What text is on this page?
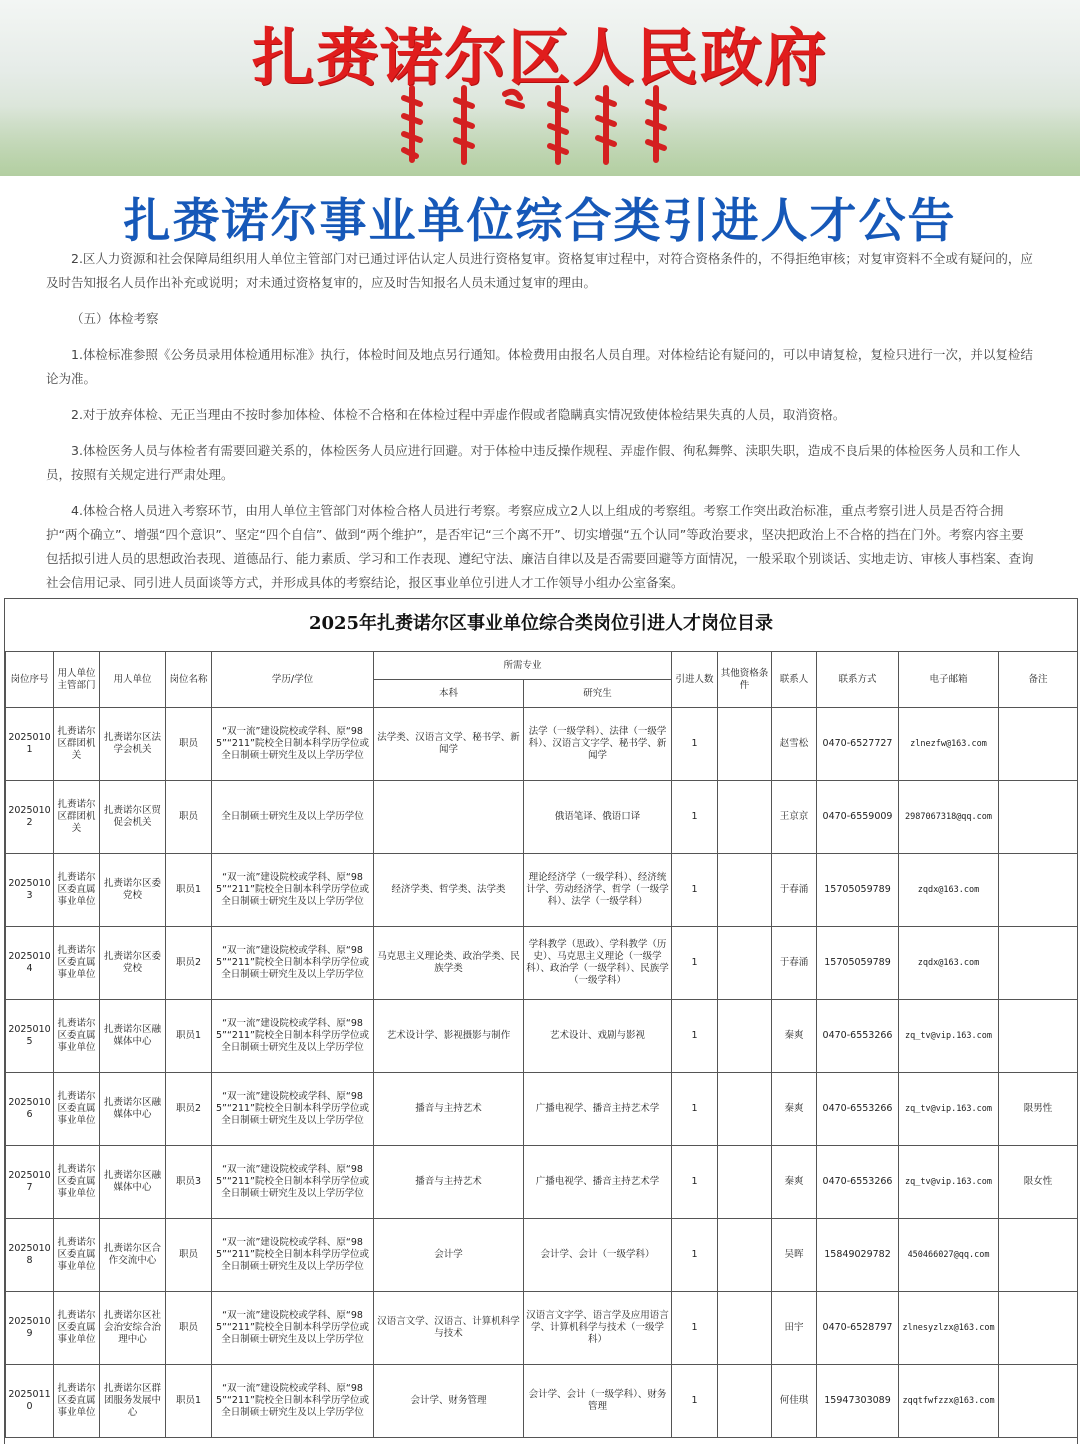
扎赉诺尔区人民政府
扎赉诺尔事业单位综合类引进人才公告

2.区人力资源和社会保障局组织用人单位主管部门对已通过评估认定人员进行资格复审。资格复审过程中，对符合资格条件的，不得拒绝审核；对复审资料不全或有疑问的，应及时告知报名人员作出补充或说明；对未通过资格复审的，应及时告知报名人员未通过复审的理由。

（五）体检考察

1.体检标准参照《公务员录用体检通用标准》执行，体检时间及地点另行通知。体检费用由报名人员自理。对体检结论有疑问的，可以申请复检，复检只进行一次，并以复检结论为准。

2.对于放弃体检、无正当理由不按时参加体检、体检不合格和在体检过程中弄虚作假或者隐瞒真实情况致使体检结果失真的人员，取消资格。

3.体检医务人员与体检者有需要回避关系的，体检医务人员应进行回避。对于体检中违反操作规程、弄虚作假、徇私舞弊、渎职失职，造成不良后果的体检医务人员和工作人员，按照有关规定进行严肃处理。

4.体检合格人员进入考察环节，由用人单位主管部门对体检合格人员进行考察。考察应成立2人以上组成的考察组。考察工作突出政治标准，重点考察引进人员是否符合拥护“两个确立”、增强“四个意识”、坚定“四个自信”、做到“两个维护”，是否牢记“三个离不开”、切实增强“五个认同”等政治要求，坚决把政治上不合格的挡在门外。考察内容主要包括拟引进人员的思想政治表现、道德品行、能力素质、学习和工作表现、遵纪守法、廉洁自律以及是否需要回避等方面情况，一般采取个别谈话、实地走访、审核人事档案、查询社会信用记录、同引进人员面谈等方式，并形成具体的考察结论，报区事业单位引进人才工作领导小组办公室备案。

2025年扎赉诺尔区事业单位综合类岗位引进人才岗位目录
岗位序号	用人单位主管部门	用人单位	岗位名称	学历/学位	所需专业		引进人数	其他资格条件	联系人	联系方式	电子邮箱	备注
					本科	研究生						
20250101	扎赉诺尔区群团机关	扎赉诺尔区法学会机关	职员	“双一流”建设院校或学科、原“985”“211”院校全日制本科学历学位或全日制硕士研究生及以上学历学位	法学类、汉语言文学、秘书学、新闻学	法学（一级学科）、法律（一级学科）、汉语言文字学、秘书学、新闻学	1		赵雪松	0470-6527727	zlnezfw@163.com	
20250102	扎赉诺尔区群团机关	扎赉诺尔区贸促会机关	职员	全日制硕士研究生及以上学历学位		俄语笔译、俄语口译	1		王京京	0470-6559009	2987067318@qq.com	
20250103	扎赉诺尔区委直属事业单位	扎赉诺尔区委党校	职员1	“双一流”建设院校或学科、原“985”“211”院校全日制本科学历学位或全日制硕士研究生及以上学历学位	经济学类、哲学类、法学类	理论经济学（一级学科）、经济统计学、劳动经济学、哲学（一级学科）、法学（一级学科）	1		于春涌	15705059789	zqdx@163.com	
20250104	扎赉诺尔区委直属事业单位	扎赉诺尔区委党校	职员2	“双一流”建设院校或学科、原“985”“211”院校全日制本科学历学位或全日制硕士研究生及以上学历学位	马克思主义理论类、政治学类、民族学类	学科教学（思政）、学科教学（历史）、马克思主义理论（一级学科）、政治学（一级学科）、民族学（一级学科）	1		于春涌	15705059789	zqdx@163.com	
20250105	扎赉诺尔区委直属事业单位	扎赉诺尔区融媒体中心	职员1	“双一流”建设院校或学科、原“985”“211”院校全日制本科学历学位或全日制硕士研究生及以上学历学位	艺术设计学、影视摄影与制作	艺术设计、戏剧与影视	1		秦爽	0470-6553266	zq_tv@vip.163.com	
20250106	扎赉诺尔区委直属事业单位	扎赉诺尔区融媒体中心	职员2	“双一流”建设院校或学科、原“985”“211”院校全日制本科学历学位或全日制硕士研究生及以上学历学位	播音与主持艺术	广播电视学、播音主持艺术学	1		秦爽	0470-6553266	zq_tv@vip.163.com	限男性
20250107	扎赉诺尔区委直属事业单位	扎赉诺尔区融媒体中心	职员3	“双一流”建设院校或学科、原“985”“211”院校全日制本科学历学位或全日制硕士研究生及以上学历学位	播音与主持艺术	广播电视学、播音主持艺术学	1		秦爽	0470-6553266	zq_tv@vip.163.com	限女性
20250108	扎赉诺尔区委直属事业单位	扎赉诺尔区合作交流中心	职员	“双一流”建设院校或学科、原“985”“211”院校全日制本科学历学位或全日制硕士研究生及以上学历学位	会计学	会计学、会计（一级学科）	1		吴晖	15849029782	450466027@qq.com	
20250109	扎赉诺尔区委直属事业单位	扎赉诺尔区社会治安综合治理中心	职员	“双一流”建设院校或学科、原“985”“211”院校全日制本科学历学位或全日制硕士研究生及以上学历学位	汉语言文学、汉语言、计算机科学与技术	汉语言文字学、语言学及应用语言学、计算机科学与技术（一级学科）	1		田宇	0470-6528797	zlnesyzlzx@163.com	
20250110	扎赉诺尔区委直属事业单位	扎赉诺尔区群团服务发展中心	职员1	“双一流”建设院校或学科、原“985”“211”院校全日制本科学历学位或全日制硕士研究生及以上学历学位	会计学、财务管理	会计学、会计（一级学科）、财务管理	1		何佳琪	15947303089	zqqtfwfzzx@163.com	
